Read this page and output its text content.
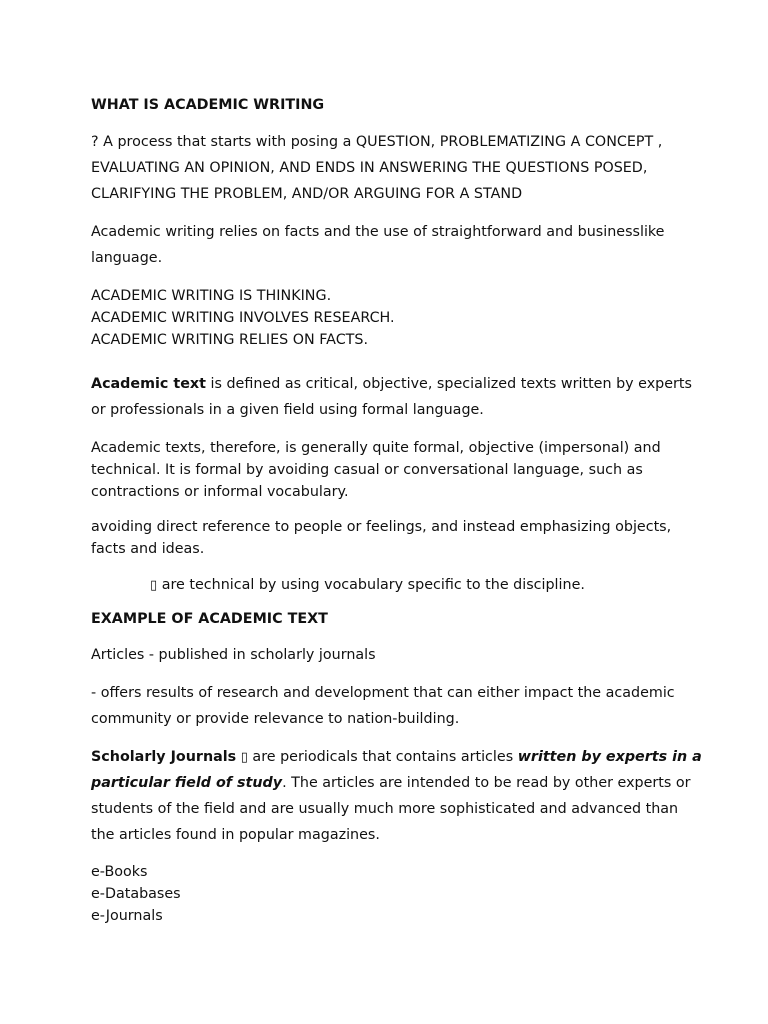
WHAT IS ACADEMIC WRITING
? A process that starts with posing a QUESTION, PROBLEMATIZING A CONCEPT ,
EVALUATING AN OPINION, AND ENDS IN ANSWERING THE QUESTIONS POSED,
CLARIFYING THE PROBLEM, AND/OR ARGUING FOR A STAND
Academic writing relies on facts and the use of straightforward and businesslike
language.
ACADEMIC WRITING IS THINKING.
ACADEMIC WRITING INVOLVES RESEARCH.
ACADEMIC WRITING RELIES ON FACTS.
Academic text is defined as critical, objective, specialized texts written by experts
or professionals in a given field using formal language.
Academic texts, therefore, is generally quite formal, objective (impersonal) and
technical. It is formal by avoiding casual or conversational language, such as
contractions or informal vocabulary.
avoiding direct reference to people or feelings, and instead emphasizing objects,
facts and ideas.
▯ are technical by using vocabulary specific to the discipline.
EXAMPLE OF ACADEMIC TEXT
Articles - published in scholarly journals
- offers results of research and development that can either impact the academic
community or provide relevance to nation-building.
Scholarly Journals ▯ are periodicals that contains articles written by experts in a
particular field of study. The articles are intended to be read by other experts or
students of the field and are usually much more sophisticated and advanced than
the articles found in popular magazines.
e-Books
e-Databases
e-Journals
